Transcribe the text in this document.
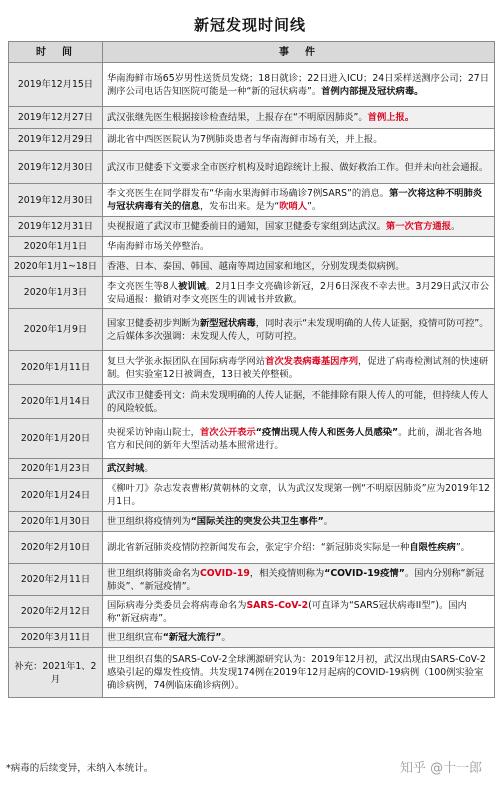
新冠发现时间线
时　间	事　件
2019年12月15日	华南海鲜市场65岁男性送货员发烧；18日就诊；22日进入ICU；24日采样送测序公司；27日测序公司电话告知医院可能是一种“新的冠状病毒”。首例内部提及冠状病毒。
2019年12月27日	武汉张继先医生根据接诊检查结果，上报存在“不明原因肺炎”。首例上报。
2019年12月29日	湖北省中西医医院认为7例肺炎患者与华南海鲜市场有关，并上报。
2019年12月30日	武汉市卫健委下文要求全市医疗机构及时追踪统计上报、做好救治工作。但并未向社会通报。
2019年12月30日	李文亮医生在同学群发布“华南水果海鲜市场确诊7例SARS”的消息。第一次将这种不明肺炎与冠状病毒有关的信息，发布出来。是为“吹哨人”。
2019年12月31日	央视报道了武汉市卫健委前日的通知，国家卫健委专家组到达武汉。第一次官方通报。
2020年1月1日	华南海鲜市场关停整治。
2020年1月1~18日	香港、日本、泰国、韩国、越南等周边国家和地区，分别发现类似病例。
2020年1月3日	李文亮医生等8人被训诫。2月1日李文亮确诊新冠，2月6日深夜不幸去世。3月29日武汉市公安局通报：撤销对李文亮医生的训诫书并致歉。
2020年1月9日	国家卫健委初步判断为新型冠状病毒，同时表示“未发现明确的人传人证据，疫情可防可控”。之后媒体多次强调：未发现人传人，可防可控。
2020年1月11日	复旦大学张永振团队在国际病毒学网站首次发表病毒基因序列，促进了病毒检测试剂的快速研制。但实验室12日被调查，13日被关停整顿。
2020年1月14日	武汉市卫健委刊文：尚未发现明确的人传人证据，不能排除有限人传人的可能，但持续人传人的风险较低。
2020年1月20日	央视采访钟南山院士，首次公开表示“疫情出现人传人和医务人员感染”。此前，湖北省各地官方和民间的新年大型活动基本照常进行。
2020年1月23日	武汉封城。
2020年1月24日	《柳叶刀》杂志发表曹彬/黄朝林的文章，认为武汉发现第一例“不明原因肺炎”应为2019年12月1日。
2020年1月30日	世卫组织将疫情列为“国际关注的突发公共卫生事件”。
2020年2月10日	湖北省新冠肺炎疫情防控新闻发布会，张定宇介绍：“新冠肺炎实际是一种自限性疾病”。
2020年2月11日	世卫组织将肺炎命名为COVID-19，相关疫情则称为“COVID-19疫情”。国内分别称“新冠肺炎”、“新冠疫情”。
2020年2月12日	国际病毒分类委员会将病毒命名为SARS-CoV-2(可直译为“SARS冠状病毒II型”)。国内称“新冠病毒”。
2020年3月11日	世卫组织宣布“新冠大流行”。
补充：2021年1、2月	世卫组织召集的SARS-CoV-2全球溯源研究认为：2019年12月初，武汉出现由SARS-CoV-2感染引起的爆发性疫情。共发现174例在2019年12月起病的COVID-19病例（100例实验室确诊病例，74例临床确诊病例）。
*病毒的后续变异，未纳入本统计。	知乎 @十一郎
